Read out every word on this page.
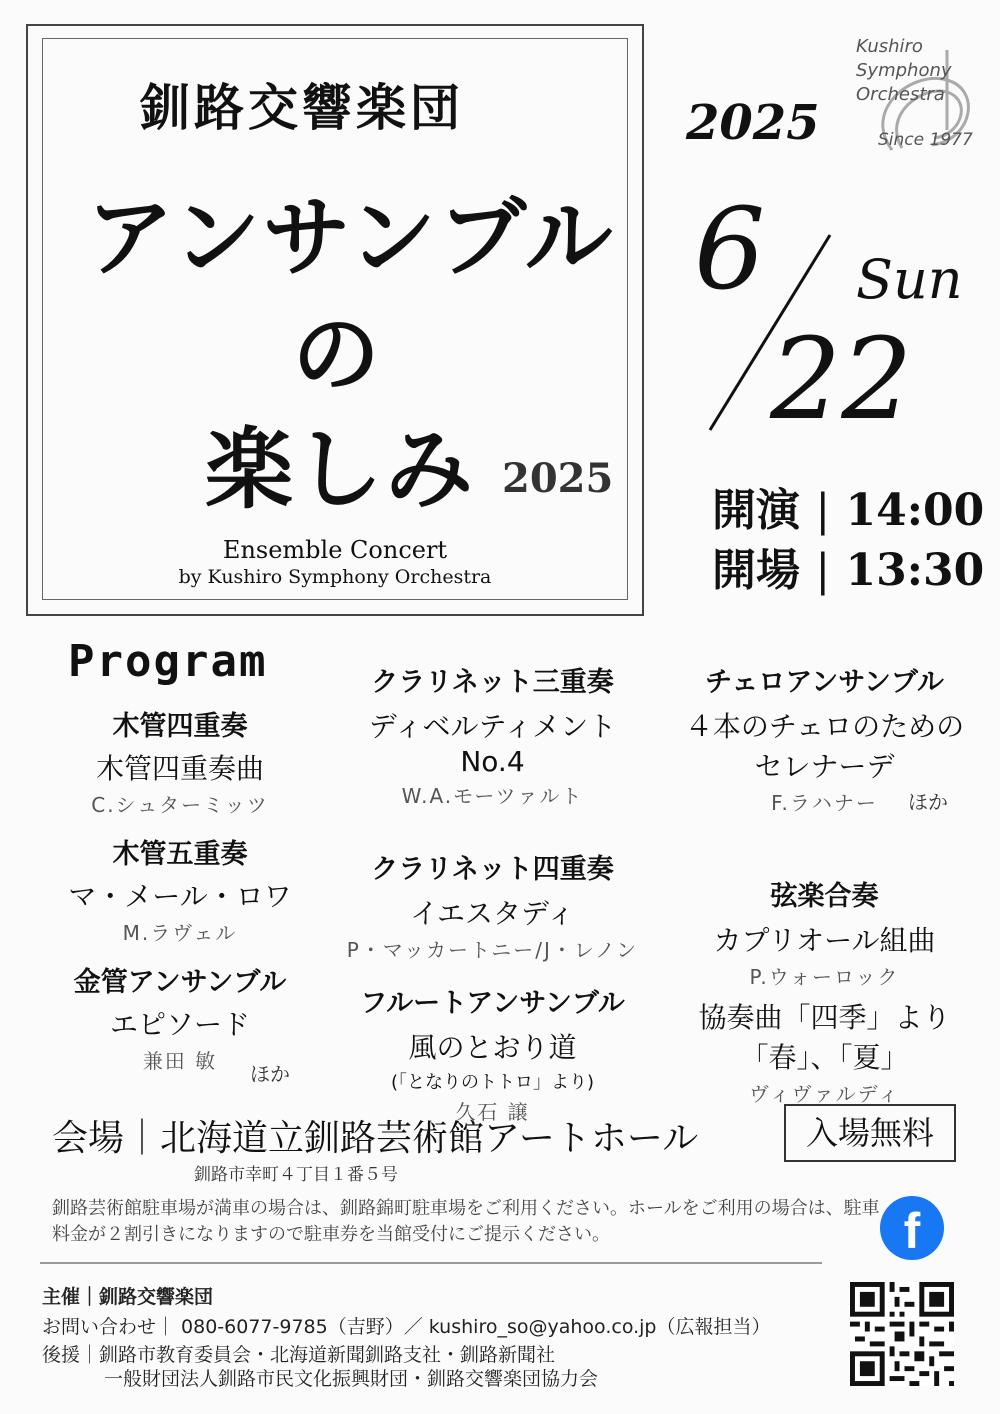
釧路交響楽団
アンサンブル
の
楽しみ 2025
Ensemble Concert
by Kushiro Symphony Orchestra
Kushiro
Symphony
Orchestra
Since 1977
2025
6 Sun
22
開演 | 14:00
開場 | 13:30
Program
木管四重奏
木管四重奏曲
C.シュターミッツ
木管五重奏
マ・メール・ロワ
M.ラヴェル
金管アンサンブル
エピソード
兼田 敏
ほか
クラリネット三重奏
ディベルティメント No.4
W.A.モーツァルト
クラリネット四重奏
イエスタディ
P・マッカートニー/J・レノン
フルートアンサンブル
風のとおり道
(「となりのトトロ」より)
久石 譲
チェロアンサンブル
４本のチェロのための
セレナーデ
F.ラハナー
弦楽合奏
カプリオール組曲
P.ウォーロック
協奏曲「四季」より
「春」、「夏」
ヴィヴァルディ
ほか
会場｜北海道立釧路芸術館アートホール
釧路市幸町４丁目１番５号
入場無料
釧路芸術館駐車場が満車の場合は、釧路錦町駐車場をご利用ください。ホールをご利用の場合は、駐車料金が２割引きになりますので駐車券を当館受付にご提示ください。	f
主催｜釧路交響楽団
お問い合わせ｜ 080-6077-9785（吉野）／ kushiro_so@yahoo.co.jp（広報担当）
後援｜釧路市教育委員会・北海道新聞釧路支社・釧路新聞社
一般財団法人釧路市民文化振興財団・釧路交響楽団協力会
